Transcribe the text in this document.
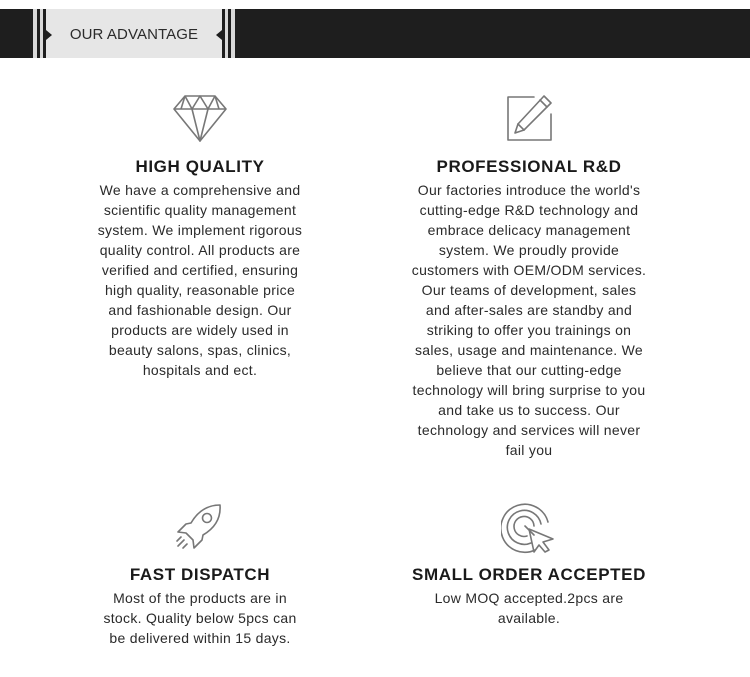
OUR ADVANTAGE

HIGH QUALITY

We have a comprehensive and
scientific quality management
system. We implement rigorous
quality control. All products are
verified and certified, ensuring
high quality, reasonable price
and fashionable design. Our
products are widely used in
beauty salons, spas, clinics,
hospitals and ect.

PROFESSIONAL R&D

Our factories introduce the world's
cutting-edge R&D technology and
embrace delicacy management
system. We proudly provide
customers with OEM/ODM services.
Our teams of development, sales
and after-sales are standby and
striking to offer you trainings on
sales, usage and maintenance. We
believe that our cutting-edge
technology will bring surprise to you
and take us to success. Our
technology and services will never
fail you

FAST DISPATCH

Most of the products are in
stock. Quality below 5pcs can
be delivered within 15 days.

SMALL ORDER ACCEPTED

Low MOQ accepted.2pcs are
available.
